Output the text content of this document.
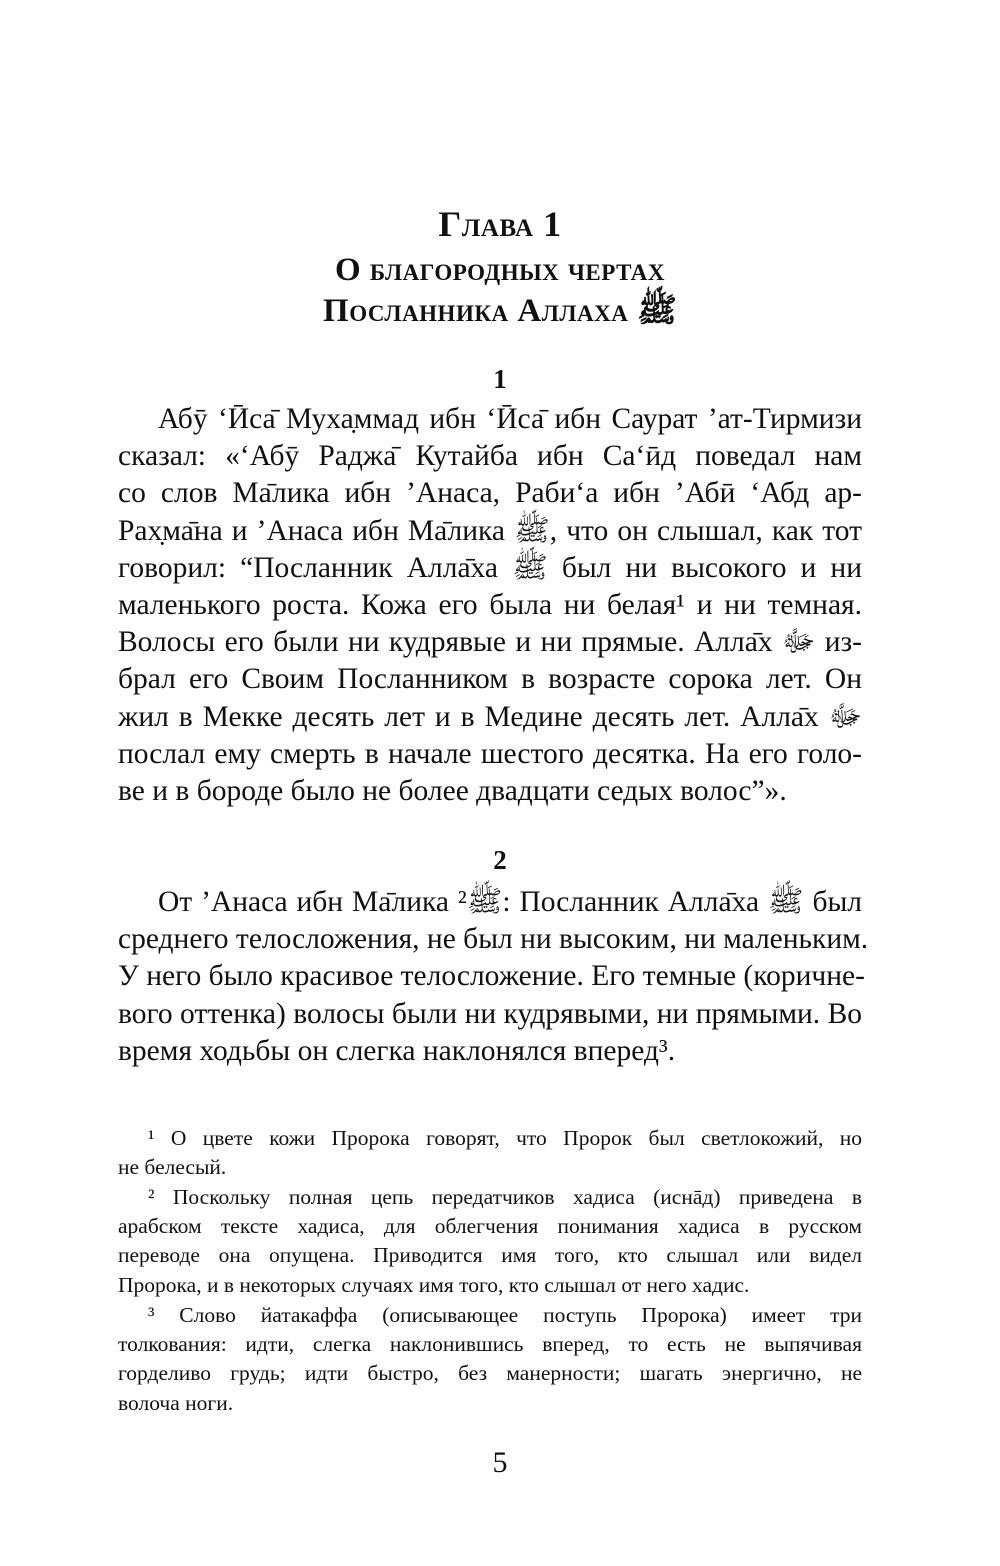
Глава 1
О благородных чертах
Посланника Аллаха ﷺ
1
Абӯ ‘Ӣса̄ Муха̣ммад ибн ‘Ӣса̄ ибн Саурат ’ат-Тирмизи
сказал: «‘Абӯ Раджа̄ Кутайба ибн Са‘ӣд поведал нам
со слов Ма̄лика ибн ’Анаса, Раби‘а ибн ’Абӣ ‘Абд ар-
Рах̣ма̄на и ’Анаса ибн Ма̄лика ﷺ, что он слышал, как тот
говорил: “Посланник Алла̄ха ﷺ был ни высокого и ни
маленького роста. Кожа его была ни белая¹ и ни темная.
Волосы его были ни кудрявые и ни прямые. Алла̄х ﷻ из-
брал его Своим Посланником в возрасте сорока лет. Он
жил в Мекке десять лет и в Медине десять лет. Алла̄х ﷻ
послал ему смерть в начале шестого десятка. На его голо-
ве и в бороде было не более двадцати седых волос”».
2
От ’Анаса ибн Ма̄лика ﷺ²: Посланник Алла̄ха ﷺ был
среднего телосложения, не был ни высоким, ни маленьким.
У него было красивое телосложение. Его темные (коричне-
вого оттенка) волосы были ни кудрявыми, ни прямыми. Во
время ходьбы он слегка наклонялся вперед³.
¹ О цвете кожи Пророка говорят, что Пророк был светлокожий, но
не белесый.
² Поскольку полная цепь передатчиков хадиса (иснāд) приведена в
арабском тексте хадиса, для облегчения понимания хадиса в русском
переводе она опущена. Приводится имя того, кто слышал или видел
Пророка, и в некоторых случаях имя того, кто слышал от него хадис.
³ Слово йатакаффа (описывающее поступь Пророка) имеет три
толкования: идти, слегка наклонившись вперед, то есть не выпячивая
горделиво грудь; идти быстро, без манерности; шагать энергично, не
волоча ноги.
5
